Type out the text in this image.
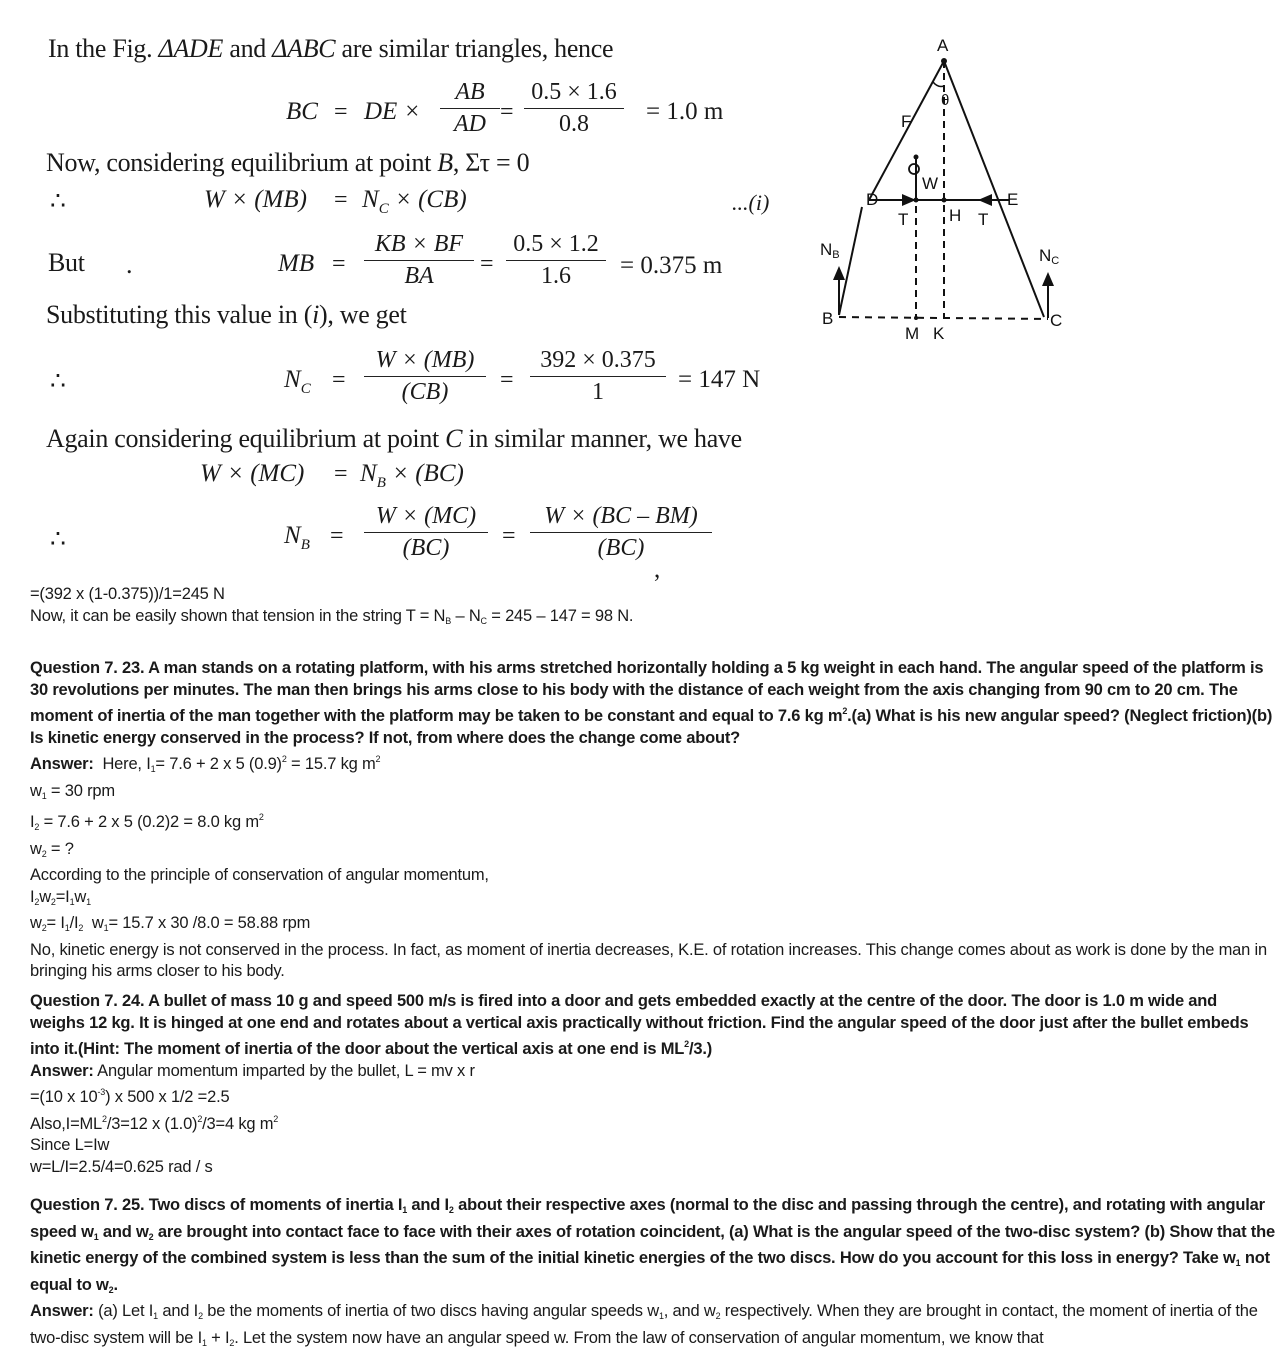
In the Fig. ΔADE and ΔABC are similar triangles, hence
BC = DE × $\frac{AB}{AD} = \frac{0.5 \times 1.6}{0.8} = 1.0$ m
Now, considering equilibrium at point B, Στ = 0
∴	$W \times (MB) = N_C \times (CB)$	...(i)
But .	MB = $\frac{KB \times BF}{BA} = \frac{0.5 \times 1.2}{1.6} = 0.375$ m
Substituting this value in (i), we get
∴	$N_C = \frac{W \times (MB)}{(CB)} = \frac{392 \times 0.375}{1} = 147$ N
Again considering equilibrium at point C in similar manner, we have
$W \times (MC) = N_B \times (BC)$
∴	$N_B = \frac{W \times (MC)}{(BC)} = \frac{W \times (BC - BM)}{(BC)}$
,
A
θ
F
W
D	E
T H T
$N_B$	$N_C$
B	C
M K
=(392 x (1-0.375))/1=245 N
Now, it can be easily shown that tension in the string $T = N_B - N_C = 245 - 147 = 98$ N.
Question 7. 23. A man stands on a rotating platform, with his arms stretched horizontally holding a 5 kg weight in each hand. The angular speed of the platform is 30 revolutions per minutes. The man then brings his arms close to his body with the distance of each weight from the axis changing from 90 cm to 20 cm. The moment of inertia of the man together with the platform may be taken to be constant and equal to 7.6 kg $m^2.(a)$ What is his new angular speed? (Neglect friction)(b) Is kinetic energy conserved in the process? If not, from where does the change come about?
Answer:  Here, $I_1= 7.6 + 2$ x 5 $(0.9)^2 = 15.7$ kg $m^2$
$w_1 = 30$ rpm
$I_2 = 7.6 + 2$ x 5 (0.2)2 = 8.0 kg $m^2$
$w_2$ = ?
According to the principle of conservation of angular momentum,
$I_2w_2=I_1w_1$
$w_2= I_1/I_2$  $w_1= 15.7$ x 30 /8.0 = 58.88 rpm
No, kinetic energy is not conserved in the process. In fact, as moment of inertia decreases, K.E. of rotation increases. This change comes about as work is done by the man in bringing his arms closer to his body.
Question 7. 24. A bullet of mass 10 g and speed 500 m/s is fired into a door and gets embedded exactly at the centre of the door. The door is 1.0 m wide and weighs 12 kg. It is hinged at one end and rotates about a vertical axis practically without friction. Find the angular speed of the door just after the bullet embeds into it.(Hint: The moment of inertia of the door about the vertical axis at one end is $ML^2/3$.)
Answer: Angular momentum imparted by the bullet, L = mv x r
=(10 x $10^{-3}$) x 500 x 1/2 =2.5
$Also,I=ML^2/3=12$ x $(1.0)^2/3=4$ kg $m^2$
Since L=Iw
w=L/I=2.5/4=0.625 rad / s
Question 7. 25. Two discs of moments of inertia $I_1$ and $I_2$ about their respective axes (normal to the disc and passing through the centre), and rotating with angular speed $w_1$ and $w_2$ are brought into contact face to face with their axes of rotation coincident, (a) What is the angular speed of the two-disc system? (b) Show that the kinetic energy of the combined system is less than the sum of the initial kinetic energies of the two discs. How do you account for this loss in energy? Take $w_1$ not equal to $w_2$.
Answer: (a) Let $I_1$ and $I_2$ be the moments of inertia of two discs having angular speeds $w_1$, and $w_2$ respectively. When they are brought in contact, the moment of inertia of the two-disc system will be $I_1 + I_2$. Let the system now have an angular speed w. From the law of conservation of angular momentum, we know that
